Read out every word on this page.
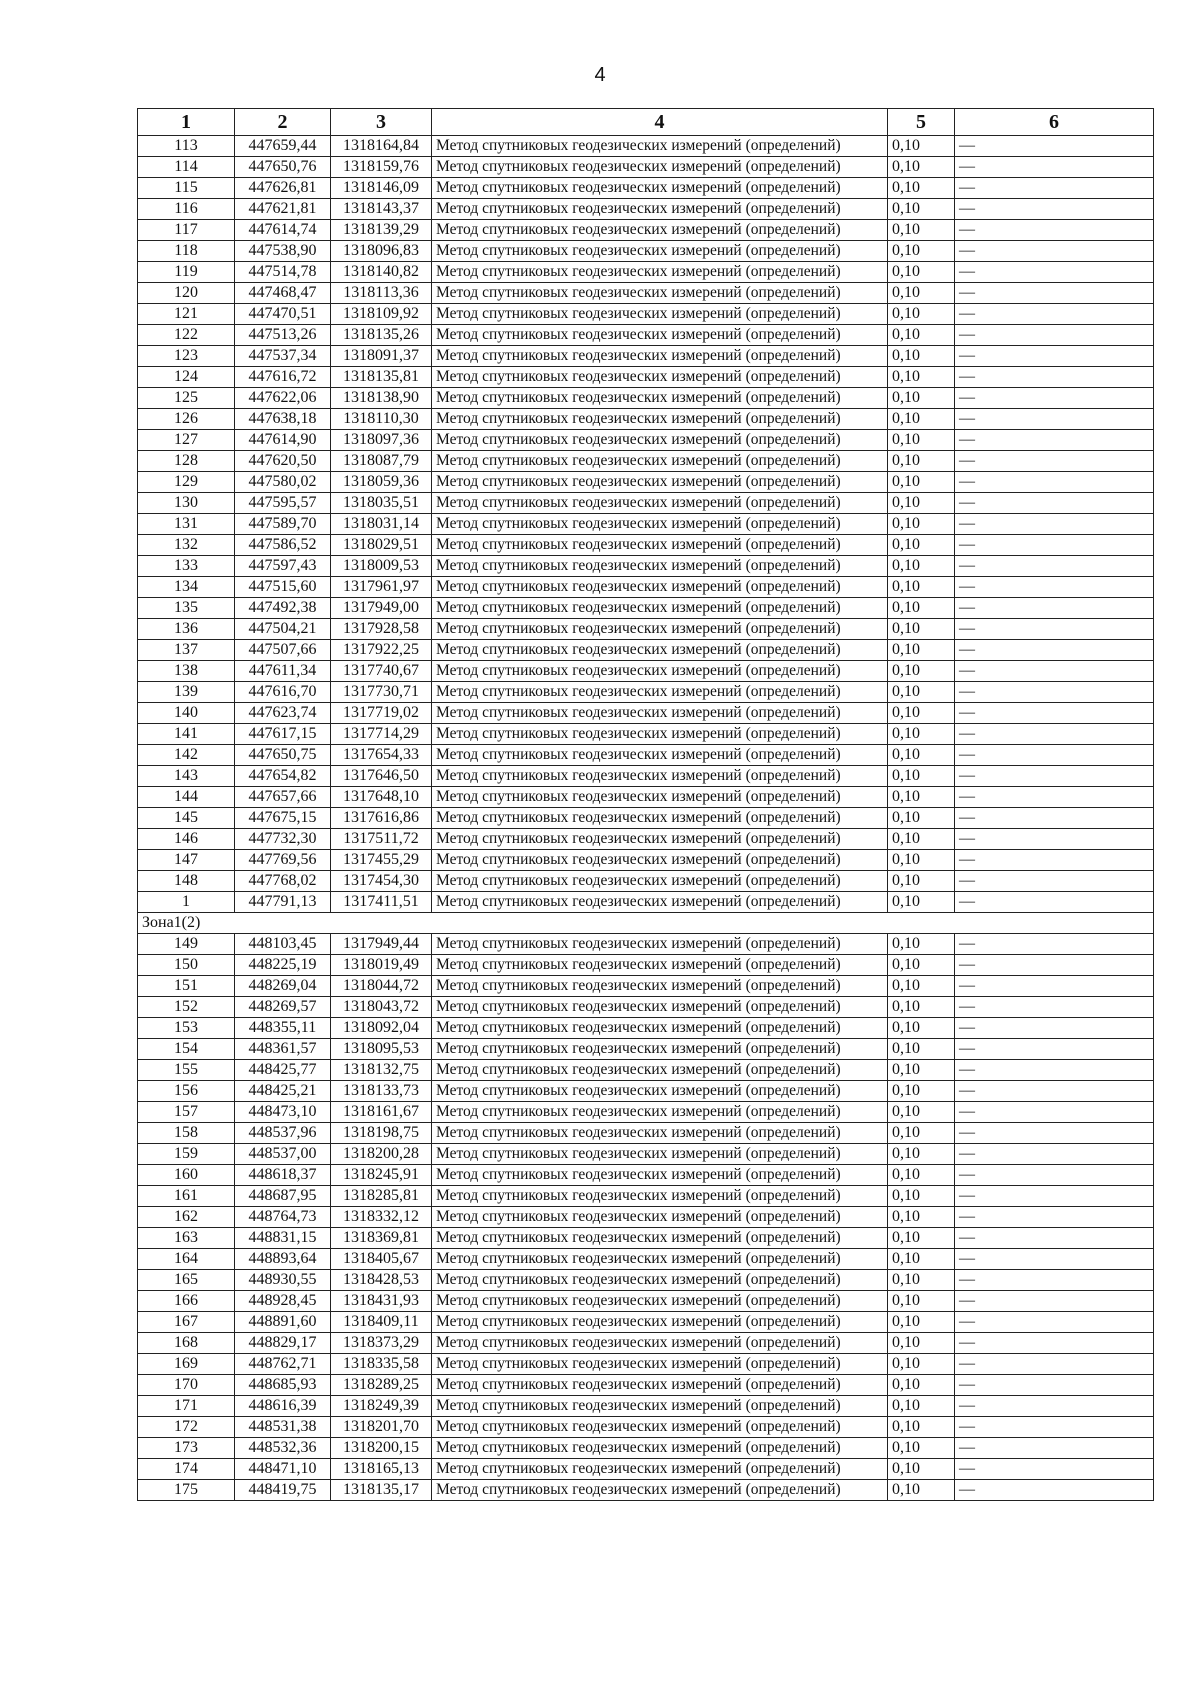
4
1	2	3	4	5	6
113	447659,44	1318164,84	Метод спутниковых геодезических измерений (определений)	0,10	—
114	447650,76	1318159,76	Метод спутниковых геодезических измерений (определений)	0,10	—
115	447626,81	1318146,09	Метод спутниковых геодезических измерений (определений)	0,10	—
116	447621,81	1318143,37	Метод спутниковых геодезических измерений (определений)	0,10	—
117	447614,74	1318139,29	Метод спутниковых геодезических измерений (определений)	0,10	—
118	447538,90	1318096,83	Метод спутниковых геодезических измерений (определений)	0,10	—
119	447514,78	1318140,82	Метод спутниковых геодезических измерений (определений)	0,10	—
120	447468,47	1318113,36	Метод спутниковых геодезических измерений (определений)	0,10	—
121	447470,51	1318109,92	Метод спутниковых геодезических измерений (определений)	0,10	—
122	447513,26	1318135,26	Метод спутниковых геодезических измерений (определений)	0,10	—
123	447537,34	1318091,37	Метод спутниковых геодезических измерений (определений)	0,10	—
124	447616,72	1318135,81	Метод спутниковых геодезических измерений (определений)	0,10	—
125	447622,06	1318138,90	Метод спутниковых геодезических измерений (определений)	0,10	—
126	447638,18	1318110,30	Метод спутниковых геодезических измерений (определений)	0,10	—
127	447614,90	1318097,36	Метод спутниковых геодезических измерений (определений)	0,10	—
128	447620,50	1318087,79	Метод спутниковых геодезических измерений (определений)	0,10	—
129	447580,02	1318059,36	Метод спутниковых геодезических измерений (определений)	0,10	—
130	447595,57	1318035,51	Метод спутниковых геодезических измерений (определений)	0,10	—
131	447589,70	1318031,14	Метод спутниковых геодезических измерений (определений)	0,10	—
132	447586,52	1318029,51	Метод спутниковых геодезических измерений (определений)	0,10	—
133	447597,43	1318009,53	Метод спутниковых геодезических измерений (определений)	0,10	—
134	447515,60	1317961,97	Метод спутниковых геодезических измерений (определений)	0,10	—
135	447492,38	1317949,00	Метод спутниковых геодезических измерений (определений)	0,10	—
136	447504,21	1317928,58	Метод спутниковых геодезических измерений (определений)	0,10	—
137	447507,66	1317922,25	Метод спутниковых геодезических измерений (определений)	0,10	—
138	447611,34	1317740,67	Метод спутниковых геодезических измерений (определений)	0,10	—
139	447616,70	1317730,71	Метод спутниковых геодезических измерений (определений)	0,10	—
140	447623,74	1317719,02	Метод спутниковых геодезических измерений (определений)	0,10	—
141	447617,15	1317714,29	Метод спутниковых геодезических измерений (определений)	0,10	—
142	447650,75	1317654,33	Метод спутниковых геодезических измерений (определений)	0,10	—
143	447654,82	1317646,50	Метод спутниковых геодезических измерений (определений)	0,10	—
144	447657,66	1317648,10	Метод спутниковых геодезических измерений (определений)	0,10	—
145	447675,15	1317616,86	Метод спутниковых геодезических измерений (определений)	0,10	—
146	447732,30	1317511,72	Метод спутниковых геодезических измерений (определений)	0,10	—
147	447769,56	1317455,29	Метод спутниковых геодезических измерений (определений)	0,10	—
148	447768,02	1317454,30	Метод спутниковых геодезических измерений (определений)	0,10	—
1	447791,13	1317411,51	Метод спутниковых геодезических измерений (определений)	0,10	—
Зона1(2)					
149	448103,45	1317949,44	Метод спутниковых геодезических измерений (определений)	0,10	—
150	448225,19	1318019,49	Метод спутниковых геодезических измерений (определений)	0,10	—
151	448269,04	1318044,72	Метод спутниковых геодезических измерений (определений)	0,10	—
152	448269,57	1318043,72	Метод спутниковых геодезических измерений (определений)	0,10	—
153	448355,11	1318092,04	Метод спутниковых геодезических измерений (определений)	0,10	—
154	448361,57	1318095,53	Метод спутниковых геодезических измерений (определений)	0,10	—
155	448425,77	1318132,75	Метод спутниковых геодезических измерений (определений)	0,10	—
156	448425,21	1318133,73	Метод спутниковых геодезических измерений (определений)	0,10	—
157	448473,10	1318161,67	Метод спутниковых геодезических измерений (определений)	0,10	—
158	448537,96	1318198,75	Метод спутниковых геодезических измерений (определений)	0,10	—
159	448537,00	1318200,28	Метод спутниковых геодезических измерений (определений)	0,10	—
160	448618,37	1318245,91	Метод спутниковых геодезических измерений (определений)	0,10	—
161	448687,95	1318285,81	Метод спутниковых геодезических измерений (определений)	0,10	—
162	448764,73	1318332,12	Метод спутниковых геодезических измерений (определений)	0,10	—
163	448831,15	1318369,81	Метод спутниковых геодезических измерений (определений)	0,10	—
164	448893,64	1318405,67	Метод спутниковых геодезических измерений (определений)	0,10	—
165	448930,55	1318428,53	Метод спутниковых геодезических измерений (определений)	0,10	—
166	448928,45	1318431,93	Метод спутниковых геодезических измерений (определений)	0,10	—
167	448891,60	1318409,11	Метод спутниковых геодезических измерений (определений)	0,10	—
168	448829,17	1318373,29	Метод спутниковых геодезических измерений (определений)	0,10	—
169	448762,71	1318335,58	Метод спутниковых геодезических измерений (определений)	0,10	—
170	448685,93	1318289,25	Метод спутниковых геодезических измерений (определений)	0,10	—
171	448616,39	1318249,39	Метод спутниковых геодезических измерений (определений)	0,10	—
172	448531,38	1318201,70	Метод спутниковых геодезических измерений (определений)	0,10	—
173	448532,36	1318200,15	Метод спутниковых геодезических измерений (определений)	0,10	—
174	448471,10	1318165,13	Метод спутниковых геодезических измерений (определений)	0,10	—
175	448419,75	1318135,17	Метод спутниковых геодезических измерений (определений)	0,10	—
